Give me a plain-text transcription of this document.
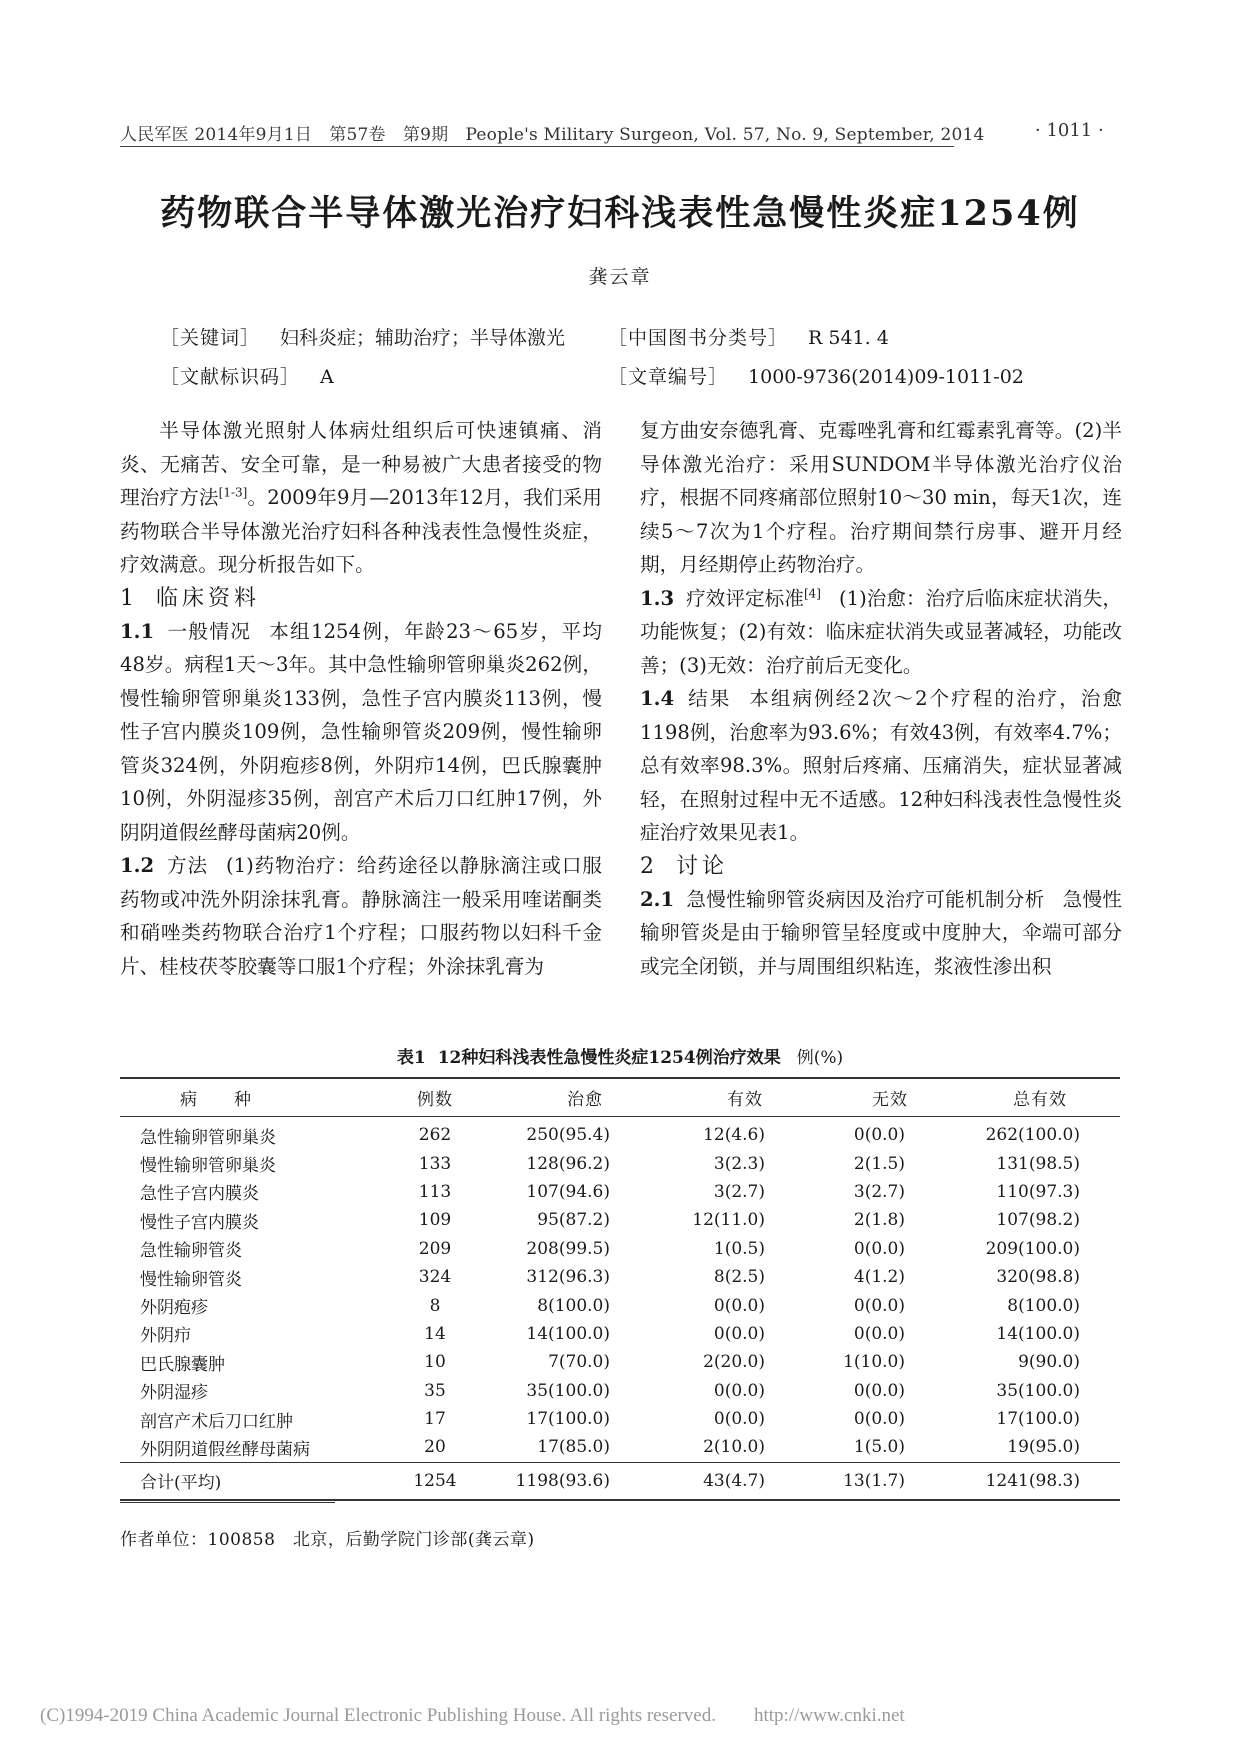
人民军医 2014年9月1日　第57卷　第9期　People's Military Surgeon, Vol. 57, No. 9, September, 2014	· 1011 ·
药物联合半导体激光治疗妇科浅表性急慢性炎症1254例
龚云章
［关键词］ 妇科炎症；辅助治疗；半导体激光 ［中国图书分类号］ R 541. 4
［文献标识码］ A	［文章编号］ 1000-9736(2014)09-1011-02

半导体激光照射人体病灶组织后可快速镇痛、消炎、无痛苦、安全可靠，是一种易被广大患者接受的物理治疗方法[1-3]。2009年9月—2013年12月，我们采用药物联合半导体激光治疗妇科各种浅表性急慢性炎症，疗效满意。现分析报告如下。

1 临床资料

1.1 一般情况 本组1254例，年龄23～65岁，平均48岁。病程1天～3年。其中急性输卵管卵巢炎262例，慢性输卵管卵巢炎133例，急性子宫内膜炎113例，慢性子宫内膜炎109例，急性输卵管炎209例，慢性输卵管炎324例，外阴疱疹8例，外阴疖14例，巴氏腺囊肿10例，外阴湿疹35例，剖宫产术后刀口红肿17例，外阴阴道假丝酵母菌病20例。

1.2 方法 (1)药物治疗：给药途径以静脉滴注或口服药物或冲洗外阴涂抹乳膏。静脉滴注一般采用喹诺酮类和硝唑类药物联合治疗1个疗程；口服药物以妇科千金片、桂枝茯苓胶囊等口服1个疗程；外涂抹乳膏为

复方曲安奈德乳膏、克霉唑乳膏和红霉素乳膏等。(2)半导体激光治疗：采用SUNDOM半导体激光治疗仪治疗，根据不同疼痛部位照射10～30 min，每天1次，连续5～7次为1个疗程。治疗期间禁行房事、避开月经期，月经期停止药物治疗。

1.3 疗效评定标准[4] (1)治愈：治疗后临床症状消失，功能恢复；(2)有效：临床症状消失或显著减轻，功能改善；(3)无效：治疗前后无变化。

1.4 结果 本组病例经2次～2个疗程的治疗，治愈1198例，治愈率为93.6%；有效43例，有效率4.7%；总有效率98.3%。照射后疼痛、压痛消失，症状显著减轻，在照射过程中无不适感。12种妇科浅表性急慢性炎症治疗效果见表1。

2 讨论

2.1 急慢性输卵管炎病因及治疗可能机制分析 急慢性输卵管炎是由于输卵管呈轻度或中度肿大，伞端可部分或完全闭锁，并与周围组织粘连，浆液性渗出积

表1 12种妇科浅表性急慢性炎症1254例治疗效果 例(%)
病　种	例数	治愈	有效	无效	总有效
急性输卵管卵巢炎	262	250(95.4)	12(4.6)	0(0.0)	262(100.0)
慢性输卵管卵巢炎	133	128(96.2)	3(2.3)	2(1.5)	131(98.5)
急性子宫内膜炎	113	107(94.6)	3(2.7)	3(2.7)	110(97.3)
慢性子宫内膜炎	109	95(87.2)	12(11.0)	2(1.8)	107(98.2)
急性输卵管炎	209	208(99.5)	1(0.5)	0(0.0)	209(100.0)
慢性输卵管炎	324	312(96.3)	8(2.5)	4(1.2)	320(98.8)
外阴疱疹	8	8(100.0)	0(0.0)	0(0.0)	8(100.0)
外阴疖	14	14(100.0)	0(0.0)	0(0.0)	14(100.0)
巴氏腺囊肿	10	7(70.0)	2(20.0)	1(10.0)	9(90.0)
外阴湿疹	35	35(100.0)	0(0.0)	0(0.0)	35(100.0)
剖宫产术后刀口红肿	17	17(100.0)	0(0.0)	0(0.0)	17(100.0)
外阴阴道假丝酵母菌病	20	17(85.0)	2(10.0)	1(5.0)	19(95.0)
合计(平均)	1254	1198(93.6)	43(4.7)	13(1.7)	1241(98.3)
作者单位：100858　北京，后勤学院门诊部(龚云章)
(C)1994-2019 China Academic Journal Electronic Publishing House. All rights reserved.　　http://www.cnki.net
